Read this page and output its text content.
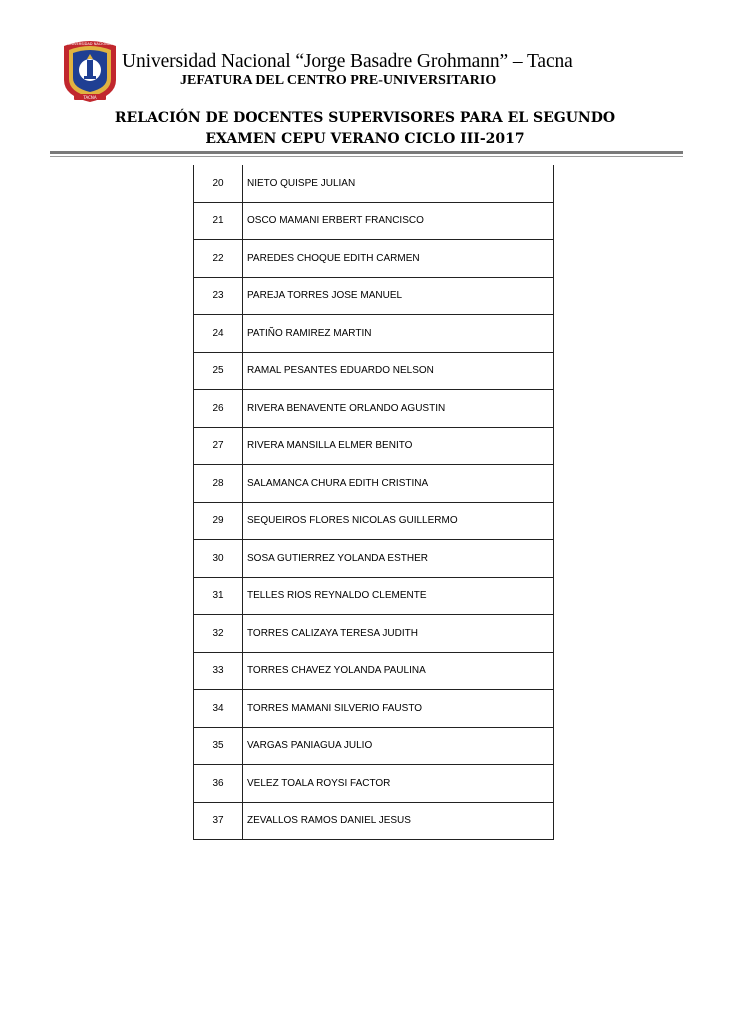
TACNA
UNIVERSIDAD NACIONAL
Universidad Nacional “Jorge Basadre Grohmann” – Tacna
JEFATURA DEL CENTRO PRE-UNIVERSITARIO
RELACIÓN DE DOCENTES SUPERVISORES PARA EL SEGUNDO
EXAMEN CEPU VERANO CICLO III-2017
20	NIETO QUISPE JULIAN
21	OSCO MAMANI ERBERT FRANCISCO
22	PAREDES CHOQUE EDITH CARMEN
23	PAREJA TORRES JOSE MANUEL
24	PATIÑO RAMIREZ MARTIN
25	RAMAL PESANTES EDUARDO NELSON
26	RIVERA BENAVENTE ORLANDO AGUSTIN
27	RIVERA MANSILLA ELMER BENITO
28	SALAMANCA CHURA EDITH CRISTINA
29	SEQUEIROS FLORES NICOLAS GUILLERMO
30	SOSA GUTIERREZ YOLANDA ESTHER
31	TELLES RIOS REYNALDO CLEMENTE
32	TORRES CALIZAYA TERESA JUDITH
33	TORRES CHAVEZ YOLANDA PAULINA
34	TORRES MAMANI SILVERIO FAUSTO
35	VARGAS PANIAGUA JULIO
36	VELEZ TOALA ROYSI FACTOR
37	ZEVALLOS RAMOS DANIEL JESUS
